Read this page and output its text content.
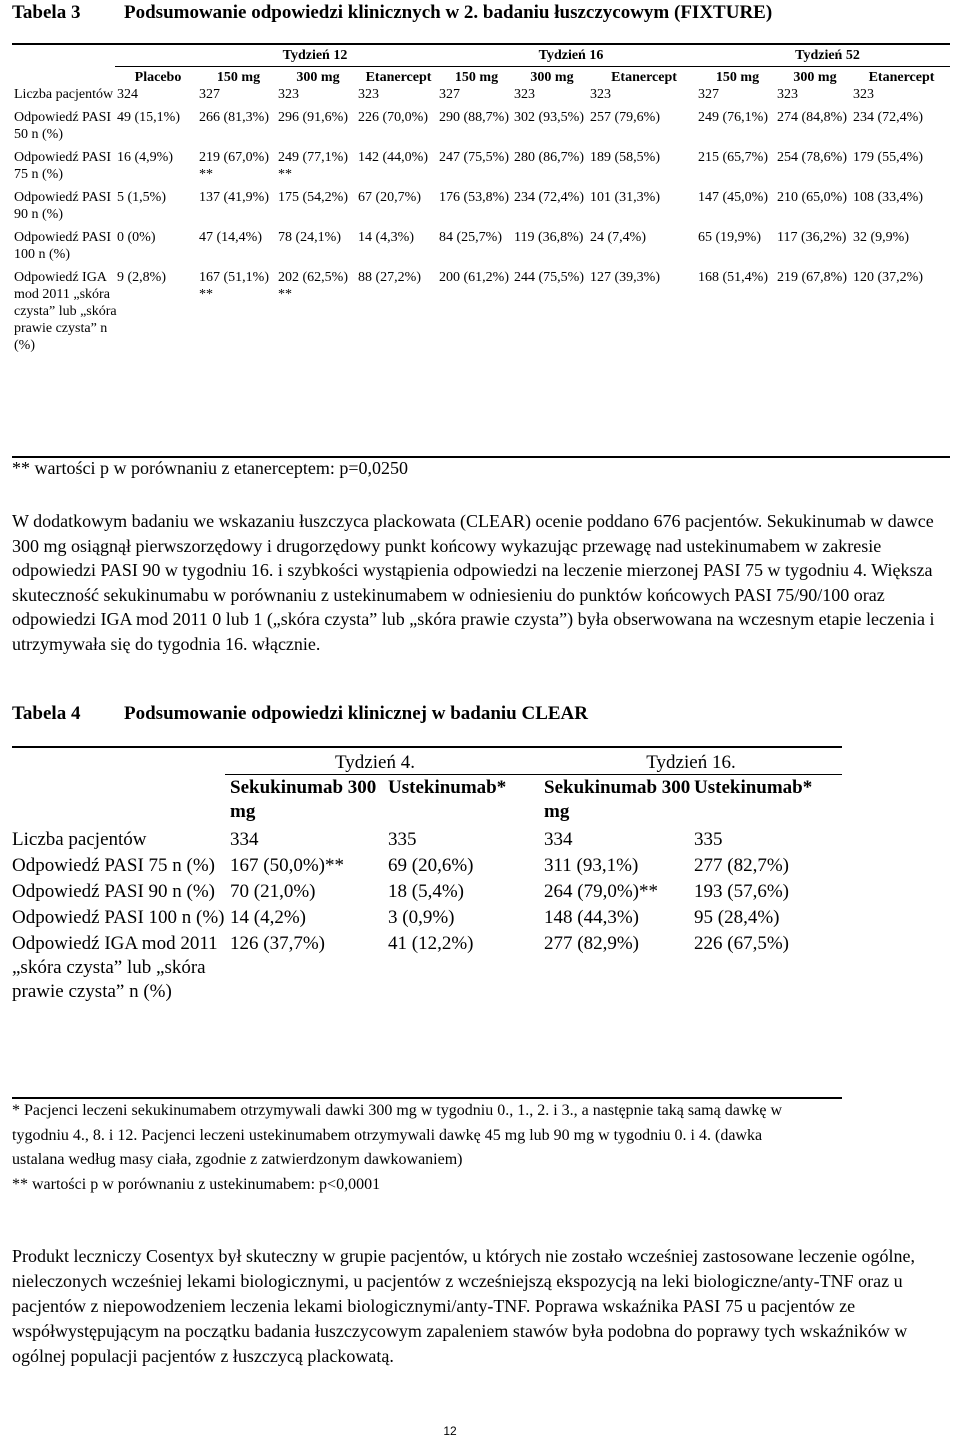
Tabela 3 Podsumowanie odpowiedzi klinicznych w 2. badaniu łuszczycowym (FIXTURE)
Tydzień 12	Tydzień 16	Tydzień 52
	Placebo	150 mg	300 mg	Etanercept	150 mg	300 mg	Etanercept	150 mg	300 mg	Etanercept
Liczba pacjentów	324	327	323	323	327	323	323	327	323	323
Odpowiedź PASI 50 n (%)	49 (15,1%)	266 (81,3%)	296 (91,6%)	226 (70,0%)	290 (88,7%)	302 (93,5%)	257 (79,6%)	249 (76,1%)	274 (84,8%)	234 (72,4%)
Odpowiedź PASI 75 n (%)	16 (4,9%)	219 (67,0%) **	249 (77,1%) **	142 (44,0%)	247 (75,5%)	280 (86,7%)	189 (58,5%)	215 (65,7%)	254 (78,6%)	179 (55,4%)
Odpowiedź PASI 90 n (%)	5 (1,5%)	137 (41,9%)	175 (54,2%)	67 (20,7%)	176 (53,8%)	234 (72,4%)	101 (31,3%)	147 (45,0%)	210 (65,0%)	108 (33,4%)
Odpowiedź PASI 100 n (%)	0 (0%)	47 (14,4%)	78 (24,1%)	14 (4,3%)	84 (25,7%)	119 (36,8%)	24 (7,4%)	65 (19,9%)	117 (36,2%)	32 (9,9%)
Odpowiedź IGA mod 2011 „skóra czysta” lub „skóra prawie czysta” n (%)	9 (2,8%)	167 (51,1%) **	202 (62,5%) **	88 (27,2%)	200 (61,2%)	244 (75,5%)	127 (39,3%)	168 (51,4%)	219 (67,8%)	120 (37,2%)
** wartości p w porównaniu z etanerceptem: p=0,0250
W dodatkowym badaniu we wskazaniu łuszczyca plackowata (CLEAR) ocenie poddano 676 pacjentów. Sekukinumab w dawce 300 mg osiągnął pierwszorzędowy i drugorzędowy punkt końcowy wykazując przewagę nad ustekinumabem w zakresie odpowiedzi PASI 90 w tygodniu 16. i szybkości wystąpienia odpowiedzi na leczenie mierzonej PASI 75 w tygodniu 4. Większa skuteczność sekukinumabu w porównaniu z ustekinumabem w odniesieniu do punktów końcowych PASI 75/90/100 oraz odpowiedzi IGA mod 2011 0 lub 1 („skóra czysta” lub „skóra prawie czysta”) była obserwowana na wczesnym etapie leczenia i utrzymywała się do tygodnia 16. włącznie.
Tabela 4 Podsumowanie odpowiedzi klinicznej w badaniu CLEAR
Tydzień 4.	Tydzień 16.
	Sekukinumab 300 mg	Ustekinumab*	Sekukinumab 300 mg	Ustekinumab*
Liczba pacjentów	334	335	334	335
Odpowiedź PASI 75 n (%)	167 (50,0%)**	69 (20,6%)	311 (93,1%)	277 (82,7%)
Odpowiedź PASI 90 n (%)	70 (21,0%)	18 (5,4%)	264 (79,0%)**	193 (57,6%)
Odpowiedź PASI 100 n (%)	14 (4,2%)	3 (0,9%)	148 (44,3%)	95 (28,4%)
Odpowiedź IGA mod 2011 „skóra czysta” lub „skóra prawie czysta” n (%)	126 (37,7%)	41 (12,2%)	277 (82,9%)	226 (67,5%)
* Pacjenci leczeni sekukinumabem otrzymywali dawki 300 mg w tygodniu 0., 1., 2. i 3., a następnie taką samą dawkę w tygodniu 4., 8. i 12. Pacjenci leczeni ustekinumabem otrzymywali dawkę 45 mg lub 90 mg w tygodniu 0. i 4. (dawka ustalana według masy ciała, zgodnie z zatwierdzonym dawkowaniem)
** wartości p w porównaniu z ustekinumabem: p<0,0001
Produkt leczniczy Cosentyx był skuteczny w grupie pacjentów, u których nie zostało wcześniej zastosowane leczenie ogólne, nieleczonych wcześniej lekami biologicznymi, u pacjentów z wcześniejszą ekspozycją na leki biologiczne/anty-TNF oraz u pacjentów z niepowodzeniem leczenia lekami biologicznymi/anty-TNF. Poprawa wskaźnika PASI 75 u pacjentów ze współwystępującym na początku badania łuszczycowym zapaleniem stawów była podobna do poprawy tych wskaźników w ogólnej populacji pacjentów z łuszczycą plackowatą.
12
